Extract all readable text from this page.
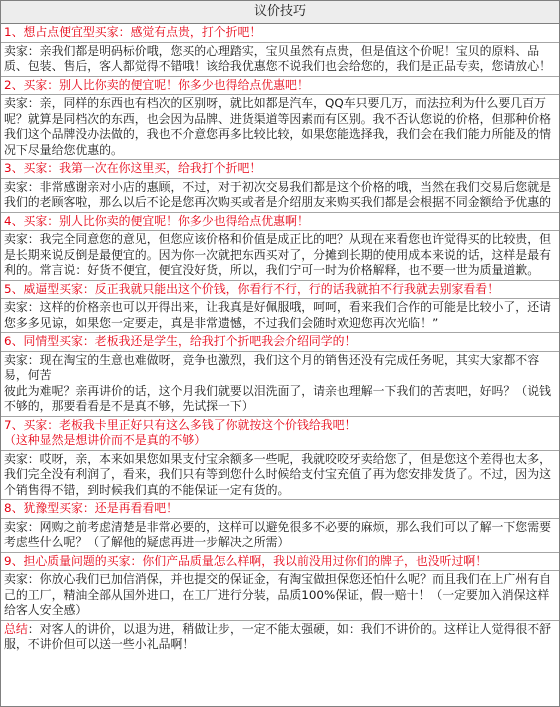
议价技巧

1、想占点便宜型买家：感觉有点贵，打个折吧！

卖家：亲我们都是明码标价哦，您买的心理踏实，宝贝虽然有点贵，但是值这个价呢！宝贝的原料、品质、包装、售后，客人都觉得不错哦！该给我优惠您不说我们也会给您的，我们是正品专卖，您请放心！

2、买家：别人比你卖的便宜呢！你多少也得给点优惠吧！

卖家：亲，同样的东西也有档次的区别呀，就比如都是汽车，QQ车只要几万，而法拉利为什么要几百万呢？就算是同档次的东西，也会因为品牌、进货渠道等因素而有区别。我不否认您说的价格，但那种价格我们这个品牌没办法做的，我也不介意您再多比较比较，如果您能选择我，我们会在我们能力所能及的情况下尽量给您优惠的。

3、买家：我第一次在你这里买，给我打个折吧！

卖家：非常感谢亲对小店的惠顾，不过，对于初次交易我们都是这个价格的哦，当然在我们交易后您就是我们的老顾客啦，那么以后不论是您再次购买或者是介绍朋友来购买我们都是会根据不同金额给予优惠的

4、买家：别人比你卖的便宜呢！你多少也得给点优惠啊！

卖家：我完全同意您的意见，但您应该价格和价值是成正比的吧？从现在来看您也许觉得买的比较贵，但是长期来说反倒是最便宜的。因为你一次就把东西买对了，分摊到长期的使用成本来说的话，这样是最有利的。常言说：好货不便宜，便宜没好货，所以，我们宁可一时为价格解释，也不要一世为质量道歉。

5、威逼型买家：反正我就只能出这个价钱，你看行不行，行的话我就拍不行我就去别家看看！

卖家：这样的价格亲也可以开得出来，让我真是好佩服哦，呵呵，看来我们合作的可能是比较小了，还请您多多见谅，如果您一定要走，真是非常遗憾，不过我们会随时欢迎您再次光临！”

6、同情型买家：老板我还是学生，给我打个折吧我会介绍同学的！

卖家：现在淘宝的生意也难做呀，竞争也激烈，我们这个月的销售还没有完成任务呢，其实大家都不容易，何苦
彼此为难呢？亲再讲价的话，这个月我们就要以泪洗面了，请亲也理解一下我们的苦衷吧，好吗？（说钱不够的，那要看看是不是真不够，先试探一下）

7、买家：老板我卡里正好只有这么多钱了你就按这个价钱给我吧！（这种显然是想讲价而不是真的不够）

卖家：哎呀，亲，本来如果您如果支付宝余额多一些呢，我就咬咬牙卖给您了，但是您这个差得也太多，我们完全没有利润了，看来，我们只有等到您什么时候给支付宝充值了再为您安排发货了。不过，因为这个销售得不错，到时候我们真的不能保证一定有货的。

8、犹豫型买家：还是再看看吧！

卖家：网购之前考虑清楚是非常必要的，这样可以避免很多不必要的麻烦，那么我们可以了解一下您需要考虑些什么呢？（了解他的疑虑再进一步解决之所需）

9、担心质量问题的买家：你们产品质量怎么样啊，我以前没用过你们的牌子，也没听过啊！

卖家：你放心我们已加信消保，并也提交的保证金，有淘宝做担保您还怕什么呢？而且我们在上广州有自己的工厂，精油全部从国外进口，在工厂进行分装，品质100%保证，假一赔十！（一定要加入消保这样给客人安全感）

总结：对客人的讲价，以退为进，稍做让步，一定不能太强硬，如：我们不讲价的。这样让人觉得很不舒服，不讲价但可以送一些小礼品啊！
